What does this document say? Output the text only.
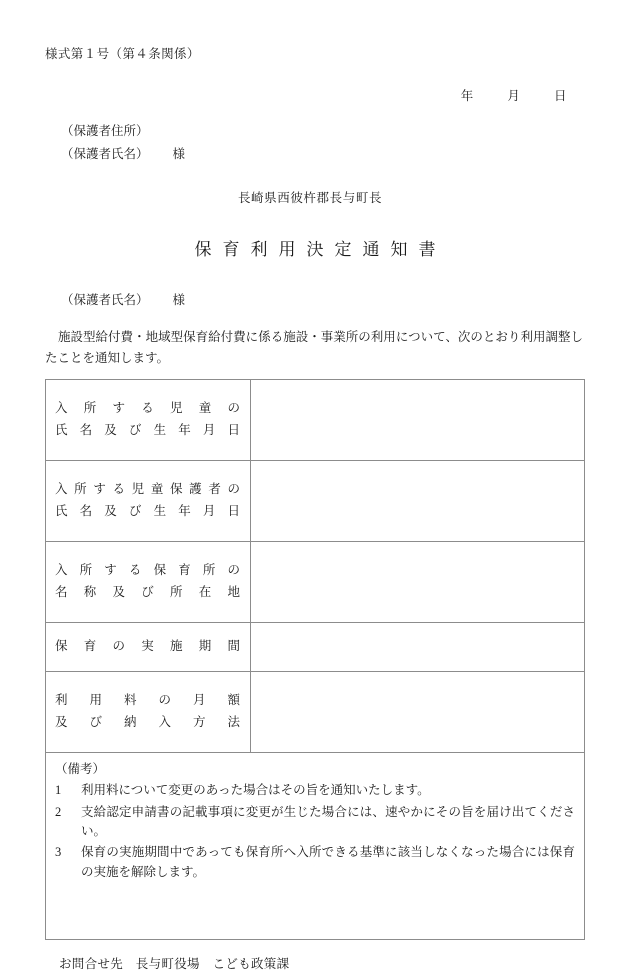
様式第１号（第４条関係）
年	月	日
（保護者住所）
（保護者氏名） 様
長崎県西彼杵郡長与町長
保育利用決定通知書
（保護者氏名） 様
施設型給付費・地域型保育給付費に係る施設・事業所の利用について、次のとおり利用調整したことを通知します。
入所する児童の
氏名及び生年月日	

入所する児童保護者の
氏名及び生年月日	

入所する保育所の
名称及び所在地	

保育の実施期間	

利用料の月額
及び納入方法	

（備考）
1	利用料について変更のあった場合はその旨を通知いたします。
2	支給認定申請書の記載事項に変更が生じた場合には、速やかにその旨を届け出てください。
3	保育の実施期間中であっても保育所へ入所できる基準に該当しなくなった場合には保育の実施を解除します。
お問合せ先　長与町役場　こども政策課
